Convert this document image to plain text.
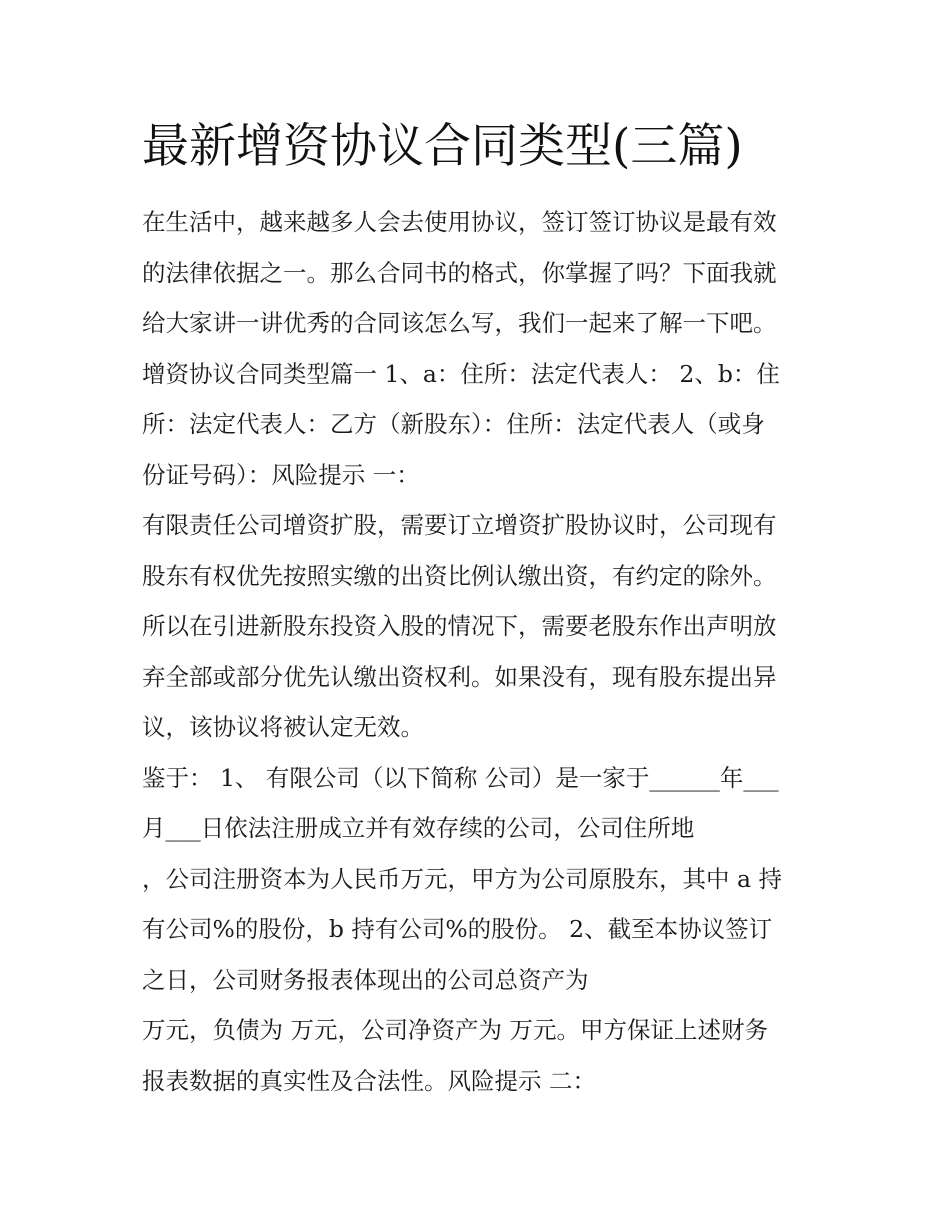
最新增资协议合同类型(三篇)
在生活中，越来越多人会去使用协议，签订签订协议是最有效
的法律依据之一。那么合同书的格式，你掌握了吗？下面我就
给大家讲一讲优秀的合同该怎么写，我们一起来了解一下吧。
增资协议合同类型篇一 1、a：住所：法定代表人： 2、b：住
所：法定代表人：乙方（新股东）：住所：法定代表人（或身
份证号码）：风险提示 一：
有限责任公司增资扩股，需要订立增资扩股协议时，公司现有
股东有权优先按照实缴的出资比例认缴出资，有约定的除外。
所以在引进新股东投资入股的情况下，需要老股东作出声明放
弃全部或部分优先认缴出资权利。如果没有，现有股东提出异
议，该协议将被认定无效。
鉴于： 1、 有限公司（以下简称 公司）是一家于______年___
月___日依法注册成立并有效存续的公司，公司住所地
，公司注册资本为人民币万元，甲方为公司原股东，其中 a 持
有公司%的股份，b 持有公司%的股份。 2、截至本协议签订
之日，公司财务报表体现出的公司总资产为
万元，负债为 万元，公司净资产为 万元。甲方保证上述财务
报表数据的真实性及合法性。风险提示 二：
